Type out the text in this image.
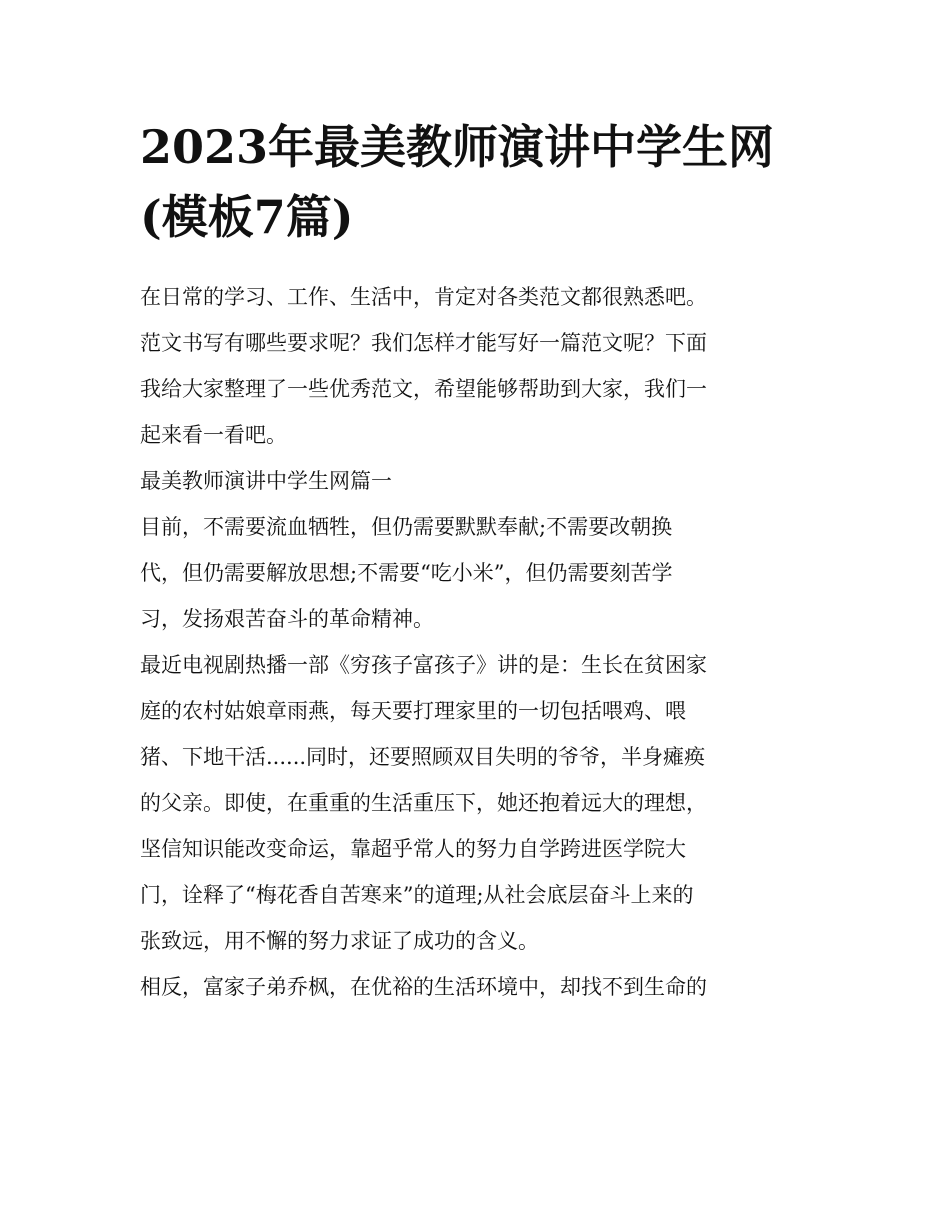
2023年最美教师演讲中学生网
(模板7篇)

在日常的学习、工作、生活中，肯定对各类范文都很熟悉吧。
范文书写有哪些要求呢？我们怎样才能写好一篇范文呢？下面
我给大家整理了一些优秀范文，希望能够帮助到大家，我们一
起来看一看吧。

最美教师演讲中学生网篇一

目前，不需要流血牺牲，但仍需要默默奉献;不需要改朝换
代，但仍需要解放思想;不需要“吃小米”，但仍需要刻苦学
习，发扬艰苦奋斗的革命精神。

最近电视剧热播一部《穷孩子富孩子》讲的是：生长在贫困家
庭的农村姑娘章雨燕，每天要打理家里的一切包括喂鸡、喂
猪、下地干活......同时，还要照顾双目失明的爷爷，半身瘫痪
的父亲。即使，在重重的生活重压下，她还抱着远大的理想，
坚信知识能改变命运，靠超乎常人的努力自学跨进医学院大
门，诠释了“梅花香自苦寒来”的道理;从社会底层奋斗上来的
张致远，用不懈的努力求证了成功的含义。

相反，富家子弟乔枫，在优裕的生活环境中，却找不到生命的
